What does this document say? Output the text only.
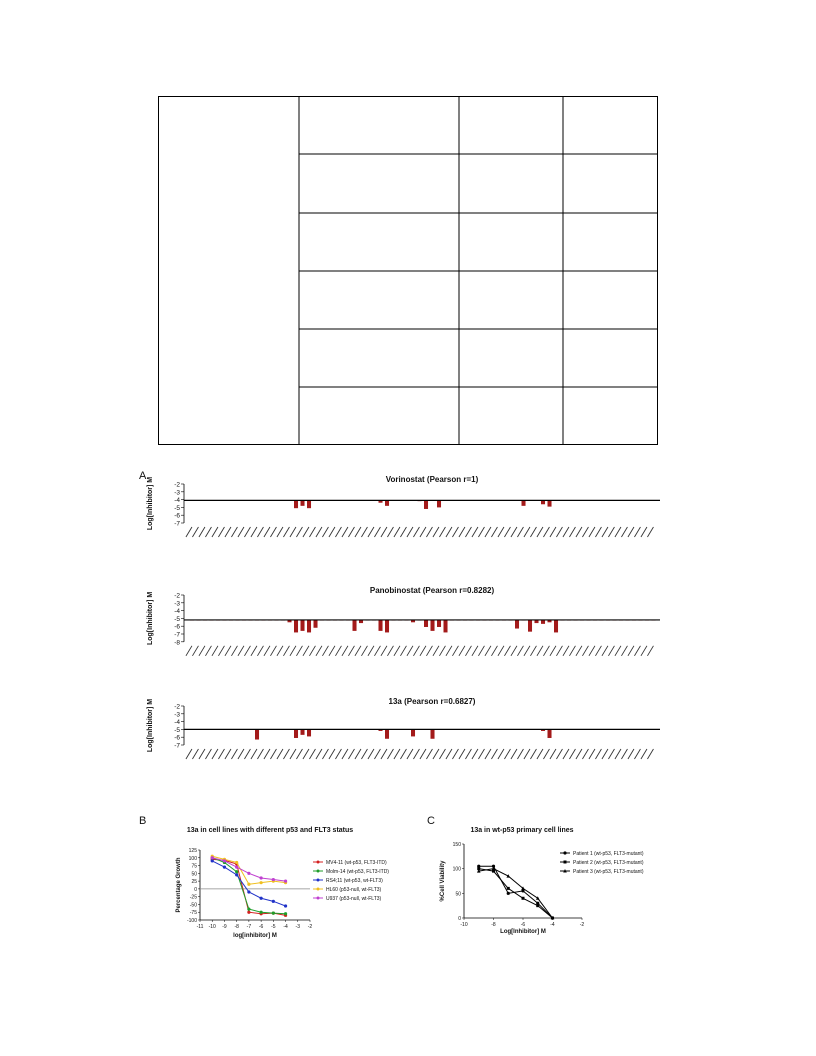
A
B	C
Vorinostat (Pearson r=1)
Log[Inhibitor] M	-2
-3
-4
-5
-6
-7
Panobinostat (Pearson r=0.8282)
Log[Inhibitor] M	-2
-3
-4
-5
-6
-7
-8
13a (Pearson r=0.6827)
Log[Inhibitor] M	-2
-3
-4
-5
-6
-7
13a in cell lines with different p53 and FLT3 status
Percentage Growth
log[inhibitor] M
125
100
75
50
25
0
-25
-50
-75
-100
-11 -10 -9 -8 -7 -6 -5 -4 -3 -2
MV4-11 (wt-p53, FLT3-ITD)
Molm-14 (wt-p53, FLT3-ITD)
RS4;11 (wt-p53, wt-FLT3)
HL60 (p53-null, wt-FLT3)
U937 (p53-null, wt-FLT3)
13a in wt-p53 primary cell lines
%Cell Viability
Log[Inhibitor] M
150
100
50
0
-10	-8	-6	-4	-2
Patient 1 (wt-p53, FLT3-mutant)
Patient 2 (wt-p53, FLT3-mutant)
Patient 3 (wt-p53, FLT3-mutant)
